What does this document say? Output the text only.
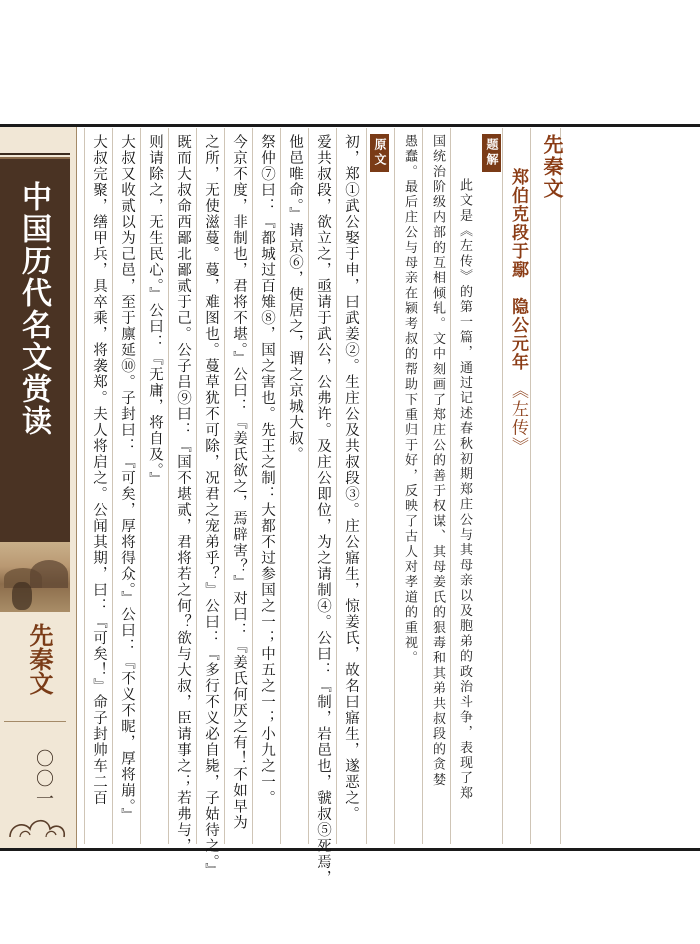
中国历代名文赏读
先秦文
〇〇一
先秦文
郑伯克段于鄢　隐公元年　《左传》
题解
此文是《左传》的第一篇，通过记述春秋初期郑庄公与其母亲以及胞弟的政治斗争，表现了郑
国统治阶级内部的互相倾轧。文中刻画了郑庄公的善于权谋、其母姜氏的狠毒和其弟共叔段的贪婪
愚蠢。最后庄公与母亲在颍考叔的帮助下重归于好，反映了古人对孝道的重视。
原文
初，郑①武公娶于申，曰武姜②。生庄公及共叔段③。庄公寤生，惊姜氏，故名曰寤生，遂恶之。
爱共叔段，欲立之，亟请于武公，公弗许。及庄公即位，为之请制④。公曰：『制，岩邑也，虢叔⑤死焉，
他邑唯命。』请京⑥，使居之，谓之京城大叔。
祭仲⑦曰：『都城过百雉⑧，国之害也。先王之制：大都不过参国之一；中五之一；小九之一。
今京不度，非制也，君将不堪。』公曰：『姜氏欲之，焉辟害？』对曰：『姜氏何厌之有！不如早为
之所，无使滋蔓。蔓，难图也。蔓草犹不可除，况君之宠弟乎？』公曰：『多行不义必自毙，子姑待之。』
既而大叔命西鄙北鄙贰于己。公子吕⑨曰：『国不堪贰，君将若之何？欲与大叔，臣请事之；若弗与，
则请除之，无生民心。』公曰：『无庸，将自及。』
大叔又收贰以为己邑，至于廪延⑩。子封曰：『可矣，厚将得众。』公曰：『不义不昵，厚将崩。』
大叔完聚，缮甲兵，具卒乘，将袭郑。夫人将启之。公闻其期，曰：『可矣！』命子封帅车二百
